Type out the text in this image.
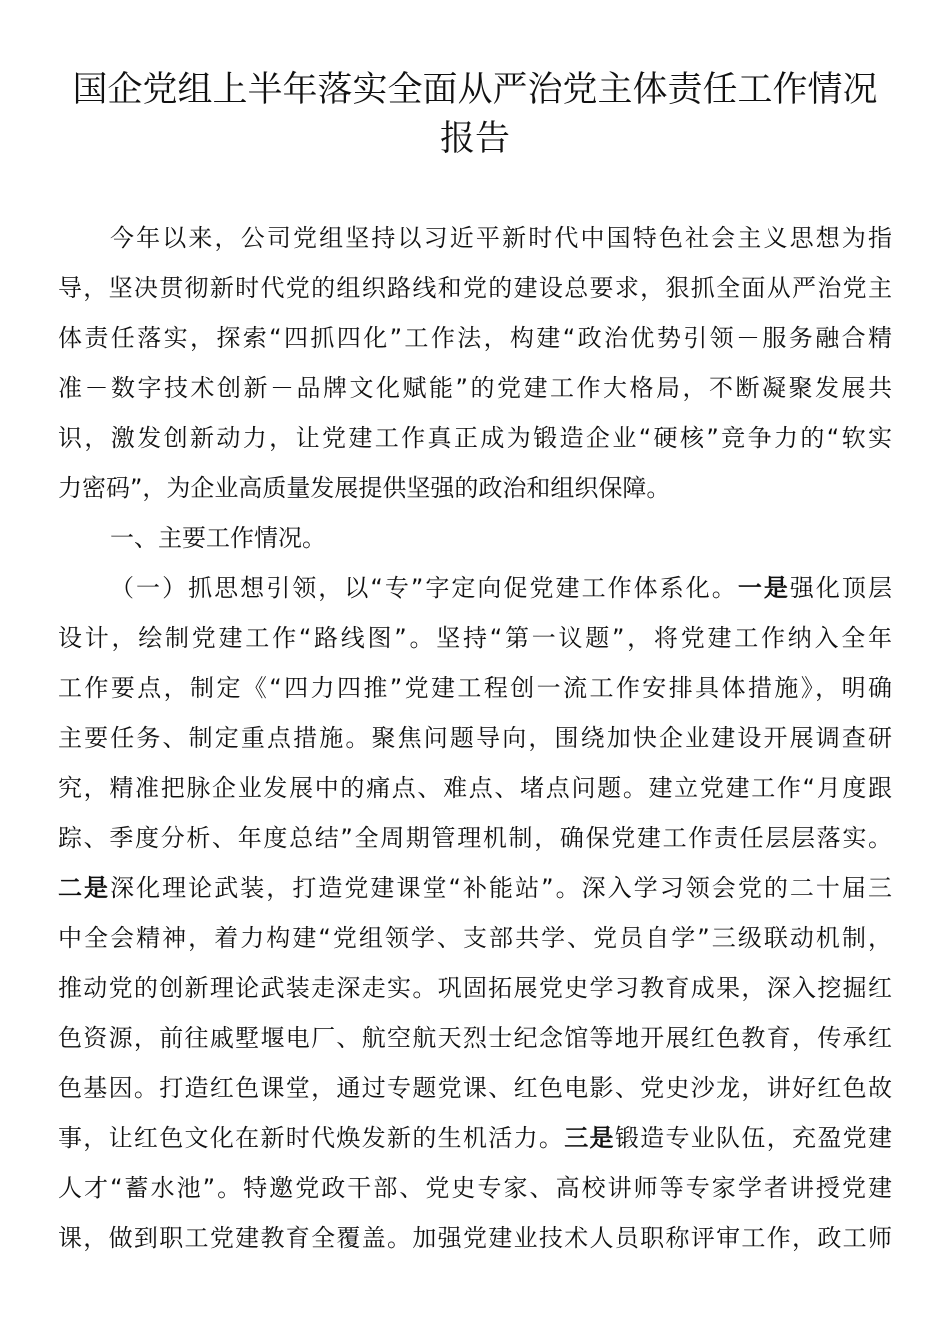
国企党组上半年落实全面从严治党主体责任工作情况
报告

今年以来，公司党组坚持以习近平新时代中国特色社会主义思想为指

导，坚决贯彻新时代党的组织路线和党的建设总要求，狠抓全面从严治党主

体责任落实，探索“四抓四化”工作法，构建“政治优势引领－服务融合精

准－数字技术创新－品牌文化赋能”的党建工作大格局，不断凝聚发展共

识，激发创新动力，让党建工作真正成为锻造企业“硬核”竞争力的“软实

力密码”，为企业高质量发展提供坚强的政治和组织保障。

一、主要工作情况。

（一）抓思想引领，以“专”字定向促党建工作体系化。一是强化顶层

设计，绘制党建工作“路线图”。坚持“第一议题”，将党建工作纳入全年

工作要点，制定《“四力四推”党建工程创一流工作安排具体措施》，明确

主要任务、制定重点措施。聚焦问题导向，围绕加快企业建设开展调查研

究，精准把脉企业发展中的痛点、难点、堵点问题。建立党建工作“月度跟

踪、季度分析、年度总结”全周期管理机制，确保党建工作责任层层落实。

二是深化理论武装，打造党建课堂“补能站”。深入学习领会党的二十届三

中全会精神，着力构建“党组领学、支部共学、党员自学”三级联动机制，

推动党的创新理论武装走深走实。巩固拓展党史学习教育成果，深入挖掘红

色资源，前往戚墅堰电厂、航空航天烈士纪念馆等地开展红色教育，传承红

色基因。打造红色课堂，通过专题党课、红色电影、党史沙龙，讲好红色故

事，让红色文化在新时代焕发新的生机活力。三是锻造专业队伍，充盈党建

人才“蓄水池”。特邀党政干部、党史专家、高校讲师等专家学者讲授党建

课，做到职工党建教育全覆盖。加强党建业技术人员职称评审工作，政工师
